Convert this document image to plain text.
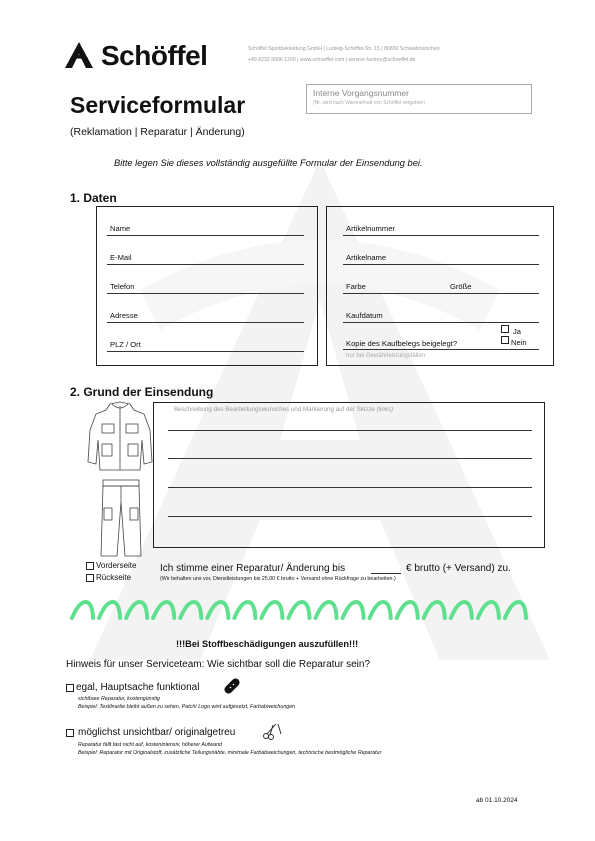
Schöffel	Schöffel Sportbekleidung GmbH | Ludwig-Schöffel-Str. 15 | 86830 Schwabmünchen
+49 8232 5006 1200 | www.schoeffel.com | service-factory@schoeffel.de
Interne Vorgangsnummer
(Nr. wird nach Warenerhalt von Schöffel vergeben)
Serviceformular
(Reklamation | Reparatur | Änderung)
Bitte legen Sie dieses vollständig ausgefüllte Formular der Einsendung bei.
1. Daten
Name
E-Mail
Telefon
Adresse
PLZ / Ort
Artikelnummer
Artikelname
Farbe	Größe
Kaufdatum
Ja
Nein
Kopie des Kaufbelegs beigelegt?
nur bei Gewährleistungsfällen
2. Grund der Einsendung
Beschreibung des Bearbeitungswunsches und Markierung auf der Skizze (links)
Vorderseite
Rückseite
Ich stimme einer Reparatur/ Änderung bis	€ brutto (+ Versand) zu.
(Wir behalten uns vor, Dienstleistungen bis 25.00 € brutto + Versand ohne Rückfrage zu bearbeiten.)
!!!Bei Stoffbeschädigungen auszufüllen!!!
Hinweis für unser Serviceteam: Wie sichtbar soll die Reparatur sein?
egal, Hauptsache funktional
sichtbare Reparatur, kostengünstig
Beispiel: Textilnarbe bleibt außen zu sehen, Patch/ Logo wird aufgesetzt, Farbabweichungen
möglichst unsichtbar/ originalgetreu
Reparatur fällt fast nicht auf, kostenintensiv, höherer Aufwand
Beispiel: Reparatur mit Originalstoff, zusätzliche Teilungsnähte, minimale Farbabweichungen, technische bestmögliche Reparatur
ab 01.10.2024
